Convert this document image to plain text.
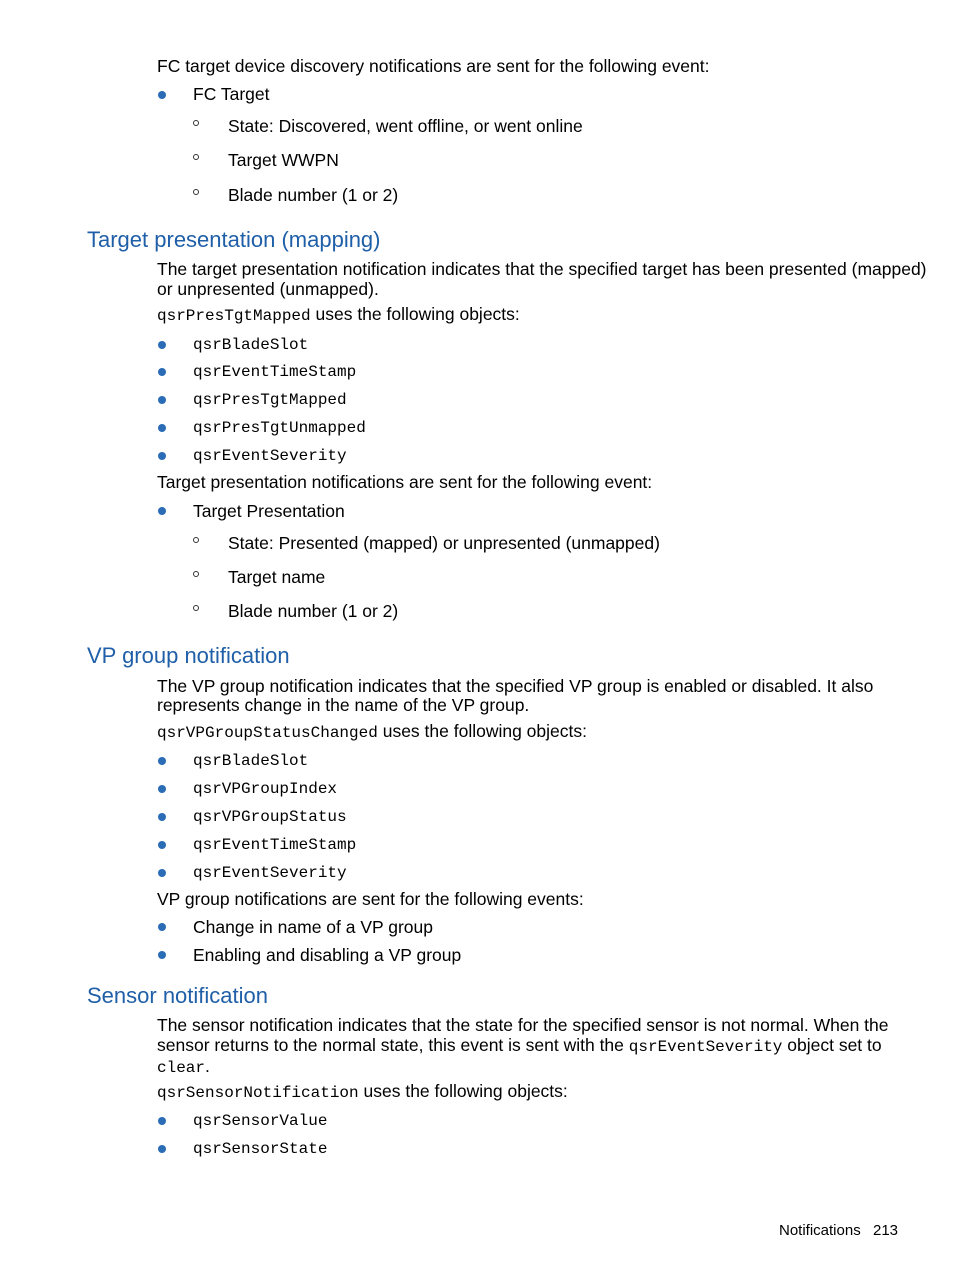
FC target device discovery notifications are sent for the following event:
FC Target
State: Discovered, went offline, or went online
Target WWPN
Blade number (1 or 2)
Target presentation (mapping)
The target presentation notification indicates that the specified target has been presented (mapped)
or unpresented (unmapped).
qsrPresTgtMapped uses the following objects:
qsrBladeSlot
qsrEventTimeStamp
qsrPresTgtMapped
qsrPresTgtUnmapped
qsrEventSeverity
Target presentation notifications are sent for the following event:
Target Presentation
State: Presented (mapped) or unpresented (unmapped)
Target name
Blade number (1 or 2)
VP group notification
The VP group notification indicates that the specified VP group is enabled or disabled. It also
represents change in the name of the VP group.
qsrVPGroupStatusChanged uses the following objects:
qsrBladeSlot
qsrVPGroupIndex
qsrVPGroupStatus
qsrEventTimeStamp
qsrEventSeverity
VP group notifications are sent for the following events:
Change in name of a VP group
Enabling and disabling a VP group
Sensor notification
The sensor notification indicates that the state for the specified sensor is not normal. When the
sensor returns to the normal state, this event is sent with the qsrEventSeverity object set to
clear.
qsrSensorNotification uses the following objects:
qsrSensorValue
qsrSensorState
Notifications 213
